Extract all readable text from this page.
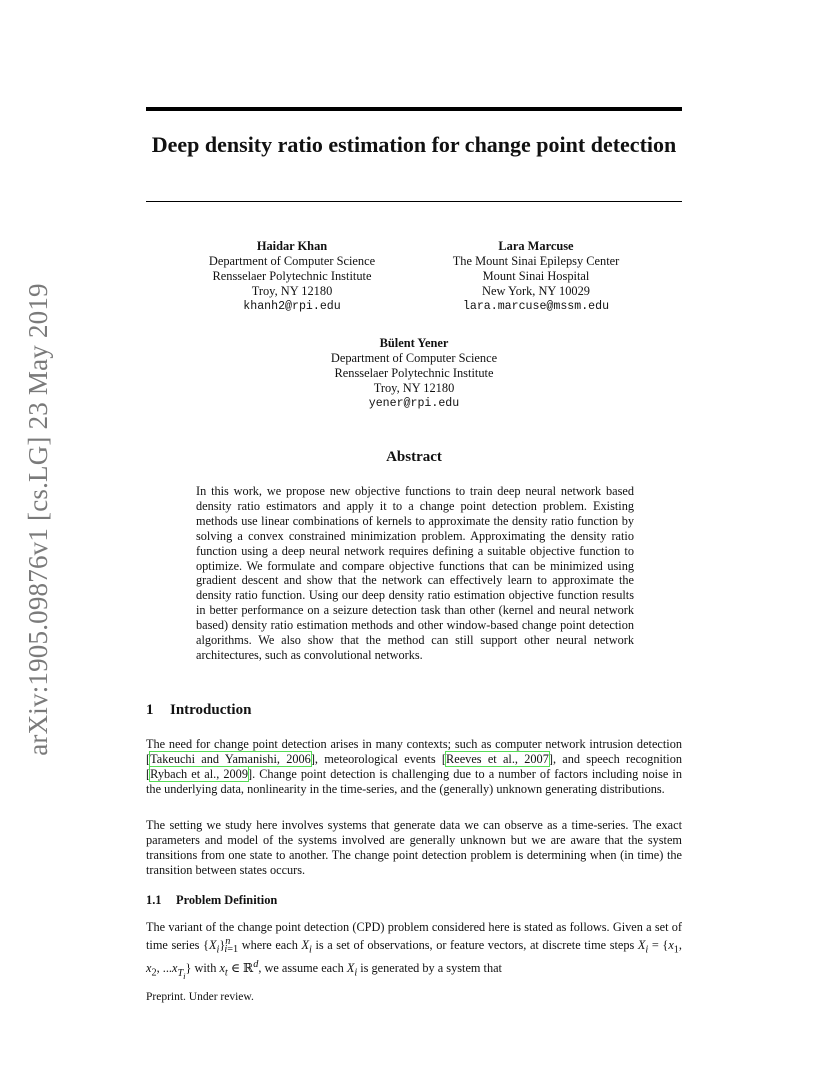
arXiv:1905.09876v1 [cs.LG] 23 May 2019
Deep density ratio estimation for change point detection
Haidar Khan
Department of Computer Science
Rensselaer Polytechnic Institute
Troy, NY 12180
khanh2@rpi.edu
Lara Marcuse
The Mount Sinai Epilepsy Center
Mount Sinai Hospital
New York, NY 10029
lara.marcuse@mssm.edu
Bülent Yener
Department of Computer Science
Rensselaer Polytechnic Institute
Troy, NY 12180
yener@rpi.edu
Abstract
In this work, we propose new objective functions to train deep neural network based density ratio estimators and apply it to a change point detection problem. Existing methods use linear combinations of kernels to approximate the density ratio function by solving a convex constrained minimization problem. Approximating the density ratio function using a deep neural network requires defining a suitable objective function to optimize. We formulate and compare objective functions that can be minimized using gradient descent and show that the network can effectively learn to approximate the density ratio function. Using our deep density ratio estimation objective function results in better performance on a seizure detection task than other (kernel and neural network based) density ratio estimation methods and other window-based change point detection algorithms. We also show that the method can still support other neural network architectures, such as convolutional networks.
1 Introduction
The need for change point detection arises in many contexts; such as computer network intrusion detection [Takeuchi and Yamanishi, 2006], meteorological events [Reeves et al., 2007], and speech recognition [Rybach et al., 2009]. Change point detection is challenging due to a number of factors including noise in the underlying data, nonlinearity in the time-series, and the (generally) unknown generating distributions.
The setting we study here involves systems that generate data we can observe as a time-series. The exact parameters and model of the systems involved are generally unknown but we are aware that the system transitions from one state to another. The change point detection problem is determining when (in time) the transition between states occurs.
1.1 Problem Definition
The variant of the change point detection (CPD) problem considered here is stated as follows. Given a set of time series $\{X_i\}^n_{i=1}$ where each $X_i$ is a set of observations, or feature vectors, at discrete time steps $X_i = \{x_1$, $x_2$, $...x_{T_i}$} with $x_t$ ∈ ℝ$^d$, we assume each $X_i$ is generated by a system that
Preprint. Under review.
